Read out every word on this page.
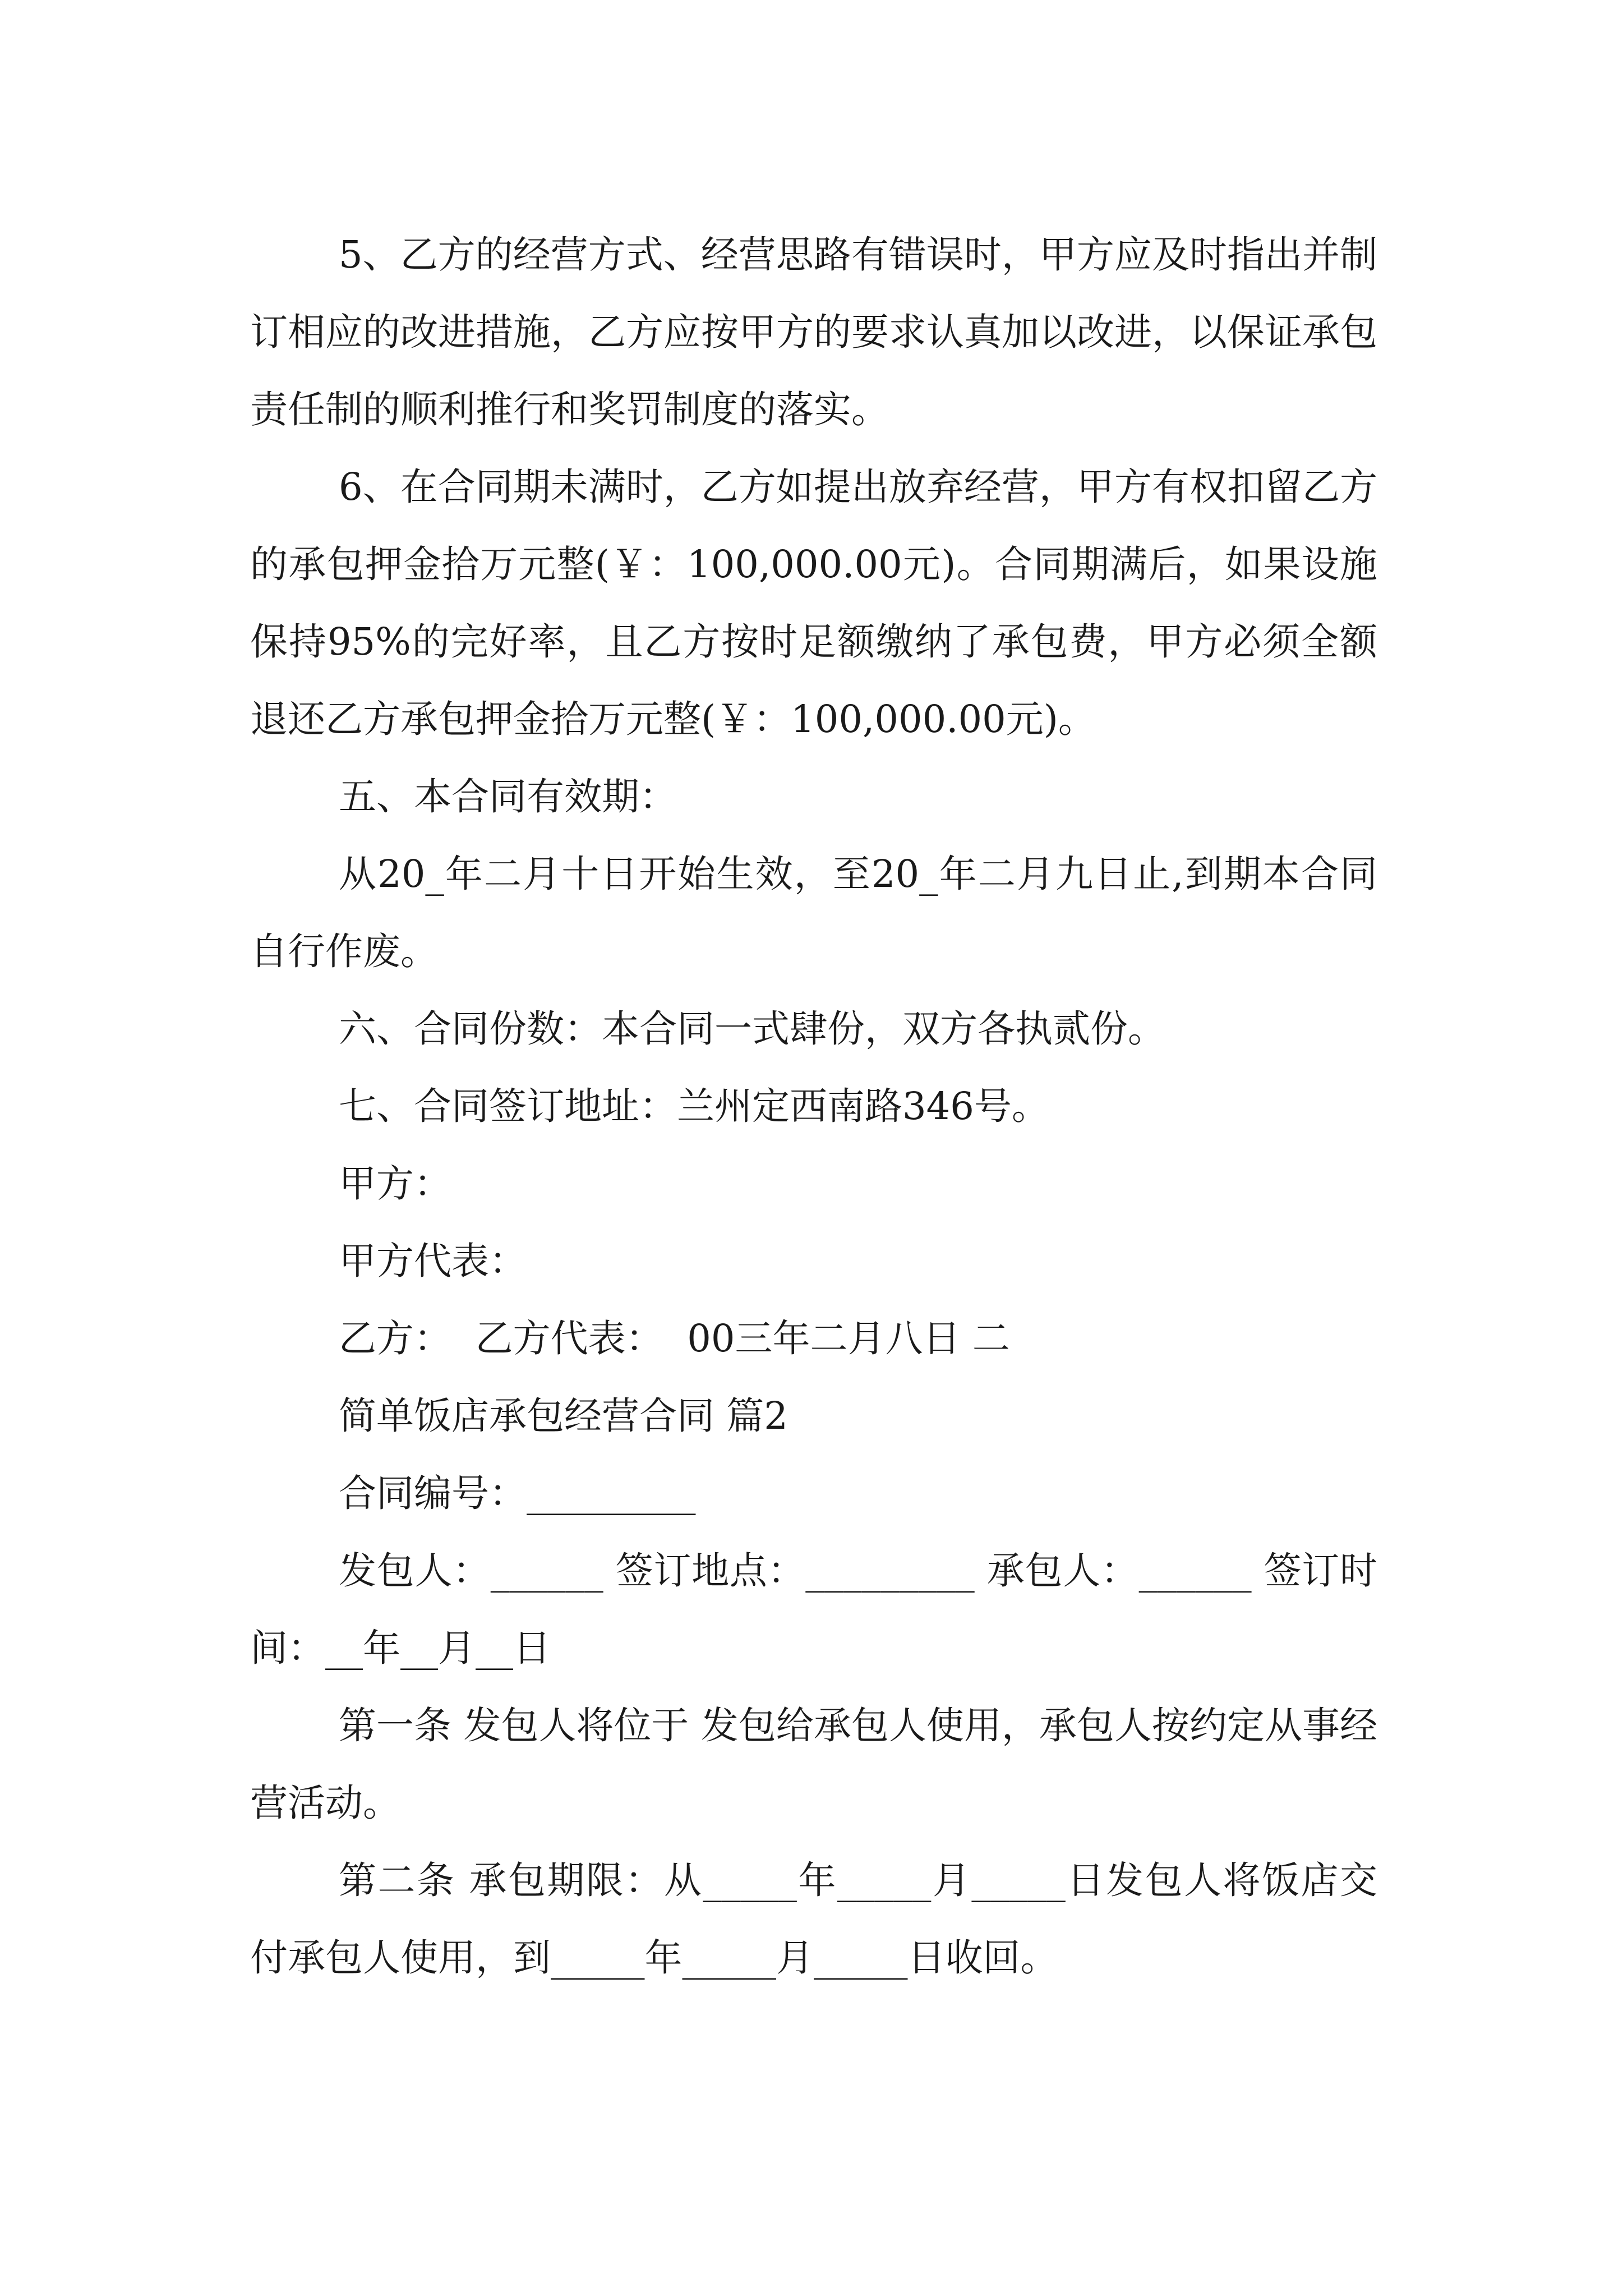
5、乙方的经营方式、经营思路有错误时，甲方应及时指出并制订相应的改进措施，乙方应按甲方的要求认真加以改进，以保证承包责任制的顺利推行和奖罚制度的落实。

6、在合同期未满时，乙方如提出放弃经营，甲方有权扣留乙方的承包押金拾万元整(￥：100,000.00元)。合同期满后，如果设施保持95%的完好率，且乙方按时足额缴纳了承包费，甲方必须全额退还乙方承包押金拾万元整(￥：100,000.00元)。

五、本合同有效期：

从20_年二月十日开始生效，至20_年二月九日止,到期本合同自行作废。

六、合同份数：本合同一式肆份，双方各执贰份。

七、合同签订地址：兰州定西南路346号。

甲方：

甲方代表：

乙方：  乙方代表：  00三年二月八日 二

简单饭店承包经营合同 篇2

合同编号：_________

发包人：______ 签订地点：_________ 承包人：______ 签订时间：__年__月__日

第一条 发包人将位于 发包给承包人使用，承包人按约定从事经营活动。

第二条 承包期限：从_____年_____月_____日发包人将饭店交付承包人使用，到_____年_____月_____日收回。
